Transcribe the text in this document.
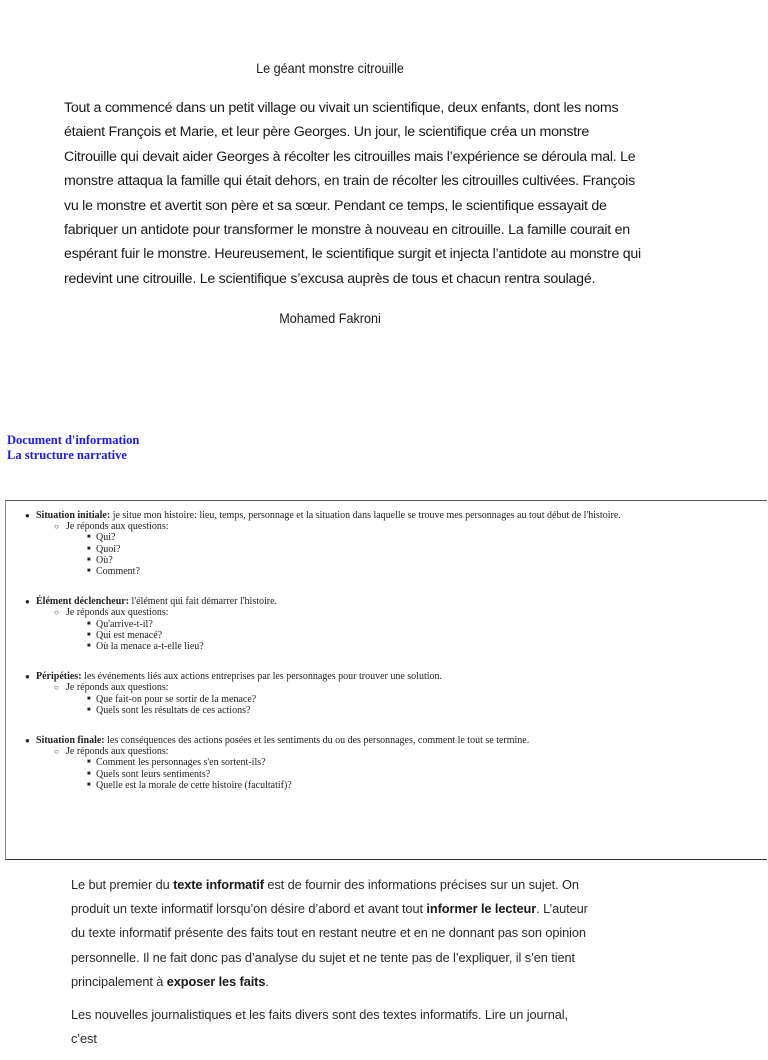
Le géant monstre citrouille
Tout a commencé dans un petit village ou vivait un scientifique, deux enfants, dont les noms étaient François et Marie, et leur père Georges. Un jour, le scientifique créa un monstre Citrouille qui devait aider Georges à récolter les citrouilles mais l’expérience se déroula mal. Le monstre attaqua la famille qui était dehors, en train de récolter les citrouilles cultivées. François vu le monstre et avertit son père et sa sœur. Pendant ce temps, le scientifique essayait de fabriquer un antidote pour transformer le monstre à nouveau en citrouille. La famille courait en espérant fuir le monstre. Heureusement, le scientifique surgit et injecta l’antidote au monstre qui redevint une citrouille. Le scientifique s’excusa auprès de tous et chacun rentra soulagé.
Mohamed Fakroni
Document d'information
La structure narrative
● Situation initiale: je situe mon histoire: lieu, temps, personnage et la situation dans laquelle se trouve mes personnages au tout début de l'histoire.
○ Je réponds aux questions:
■ Qui?
■ Quoi?
■ Où?
■ Comment?
● Élément déclencheur: l'élément qui fait démarrer l'histoire.
○ Je réponds aux questions:
■ Qu'arrive-t-il?
■ Qui est menacé?
■ Où la menace a-t-elle lieu?
● Péripéties: les événements liés aux actions entreprises par les personnages pour trouver une solution.
○ Je réponds aux questions:
■ Que fait-on pour se sortir de la menace?
■ Quels sont les résultats de ces actions?
● Situation finale: les conséquences des actions posées et les sentiments du ou des personnages, comment le tout se termine.
○ Je réponds aux questions:
■ Comment les personnages s'en sortent-ils?
■ Quels sont leurs sentiments?
■ Quelle est la morale de cette histoire (facultatif)?

Le but premier du texte informatif est de fournir des informations précises sur un sujet. On produit un texte informatif lorsqu’on désire d’abord et avant tout informer le lecteur. L’auteur du texte informatif présente des faits tout en restant neutre et en ne donnant pas son opinion personnelle. Il ne fait donc pas d’analyse du sujet et ne tente pas de l’expliquer, il s’en tient principalement à exposer les faits.

Les nouvelles journalistiques et les faits divers sont des textes informatifs. Lire un journal, c’est
